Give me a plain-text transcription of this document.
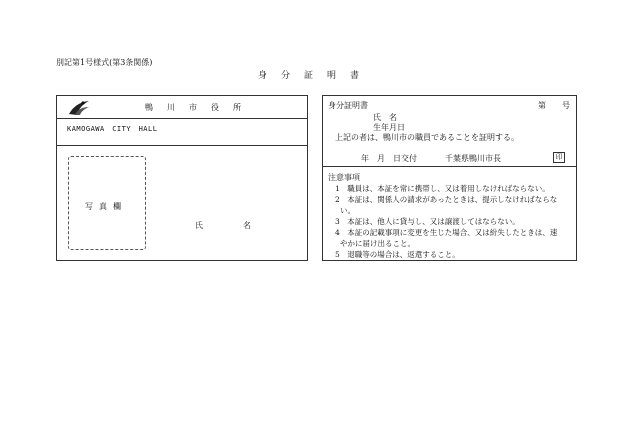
別記第1号様式(第3条関係)
身分証明書
鴨川市役所
KAMOGAWA　CITY　HALL
写真欄
氏　　名
身分証明書	第　　号
氏　名
生年月日
上記の者は、鴨川市の職員であることを証明する。
年　月　日交付	千葉県鴨川市長	印
注意事項
1　職員は、本証を常に携帯し、又は着用しなければならない。
2　本証は、関係人の請求があったときは、提示しなければならな
い。
3　本証は、他人に貸与し、又は譲渡してはならない。
4　本証の記載事項に変更を生じた場合、又は紛失したときは、速
やかに届け出ること。
5　退職等の場合は、返還すること。
